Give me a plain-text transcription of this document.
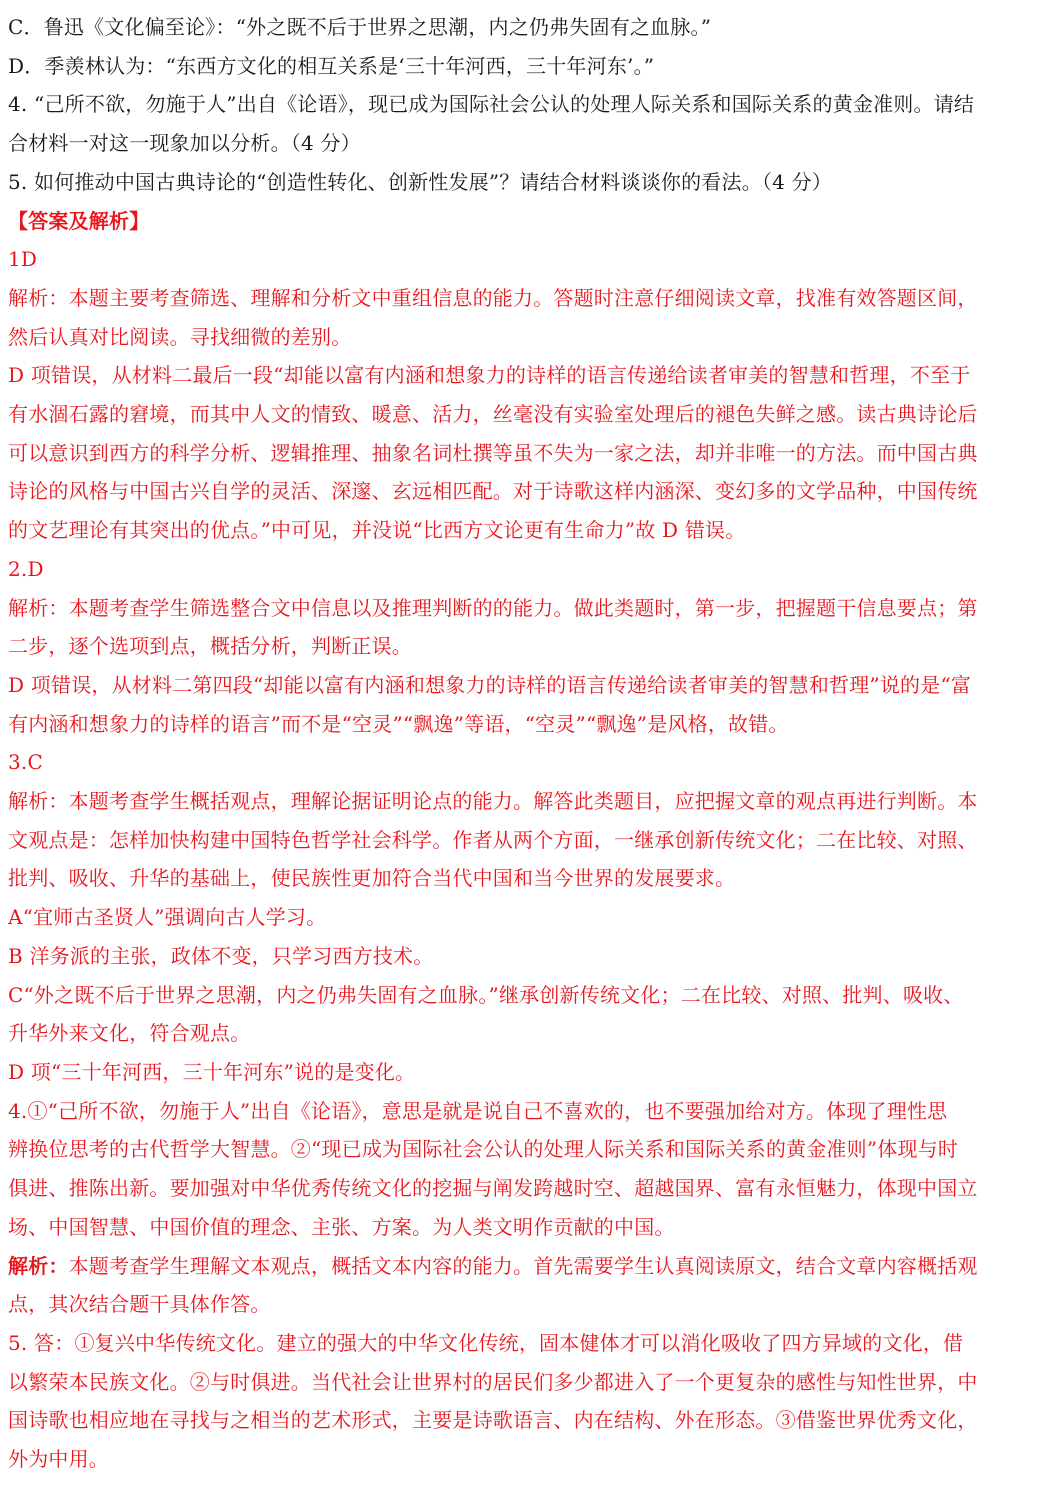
C．鲁迅《文化偏至论》：“外之既不后于世界之思潮，内之仍弗失固有之血脉。”
D．季羡林认为：“东西方文化的相互关系是‘三十年河西，三十年河东’。”
4. “己所不欲，勿施于人”出自《论语》，现已成为国际社会公认的处理人际关系和国际关系的黄金准则。请结
合材料一对这一现象加以分析。（4 分）
5. 如何推动中国古典诗论的“创造性转化、创新性发展”？请结合材料谈谈你的看法。（4 分）
【答案及解析】
1D
解析：本题主要考查筛选、理解和分析文中重组信息的能力。答题时注意仔细阅读文章，找准有效答题区间，
然后认真对比阅读。寻找细微的差别。
D 项错误，从材料二最后一段“却能以富有内涵和想象力的诗样的语言传递给读者审美的智慧和哲理，不至于
有水涸石露的窘境，而其中人文的情致、暖意、活力，丝毫没有实验室处理后的褪色失鲜之感。读古典诗论后
可以意识到西方的科学分析、逻辑推理、抽象名词杜撰等虽不失为一家之法，却并非唯一的方法。而中国古典
诗论的风格与中国古兴自学的灵活、深邃、玄远相匹配。对于诗歌这样内涵深、变幻多的文学品种，中国传统
的文艺理论有其突出的优点。”中可见，并没说“比西方文论更有生命力”故 D 错误。
2.D
解析：本题考查学生筛选整合文中信息以及推理判断的的能力。做此类题时，第一步，把握题干信息要点；第
二步，逐个选项到点，概括分析，判断正误。
D 项错误，从材料二第四段“却能以富有内涵和想象力的诗样的语言传递给读者审美的智慧和哲理”说的是“富
有内涵和想象力的诗样的语言”而不是“空灵”“飘逸”等语，“空灵”“飘逸”是风格，故错。
3.C
解析：本题考查学生概括观点，理解论据证明论点的能力。解答此类题目，应把握文章的观点再进行判断。本
文观点是：怎样加快构建中国特色哲学社会科学。作者从两个方面，一继承创新传统文化；二在比较、对照、
批判、吸收、升华的基础上，使民族性更加符合当代中国和当今世界的发展要求。
A“宜师古圣贤人”强调向古人学习。
B 洋务派的主张，政体不变，只学习西方技术。
C“外之既不后于世界之思潮，内之仍弗失固有之血脉。”继承创新传统文化；二在比较、对照、批判、吸收、
升华外来文化，符合观点。
D 项“三十年河西，三十年河东”说的是变化。
4.①“己所不欲，勿施于人”出自《论语》，意思是就是说自己不喜欢的，也不要强加给对方。体现了理性思
辨换位思考的古代哲学大智慧。②“现已成为国际社会公认的处理人际关系和国际关系的黄金准则”体现与时
俱进、推陈出新。要加强对中华优秀传统文化的挖掘与阐发跨越时空、超越国界、富有永恒魅力，体现中国立
场、中国智慧、中国价值的理念、主张、方案。为人类文明作贡献的中国。
解析：本题考查学生理解文本观点，概括文本内容的能力。首先需要学生认真阅读原文，结合文章内容概括观
点，其次结合题干具体作答。
5. 答：①复兴中华传统文化。建立的强大的中华文化传统，固本健体才可以消化吸收了四方异域的文化，借
以繁荣本民族文化。②与时俱进。当代社会让世界村的居民们多少都进入了一个更复杂的感性与知性世界，中
国诗歌也相应地在寻找与之相当的艺术形式，主要是诗歌语言、内在结构、外在形态。③借鉴世界优秀文化，
外为中用。
